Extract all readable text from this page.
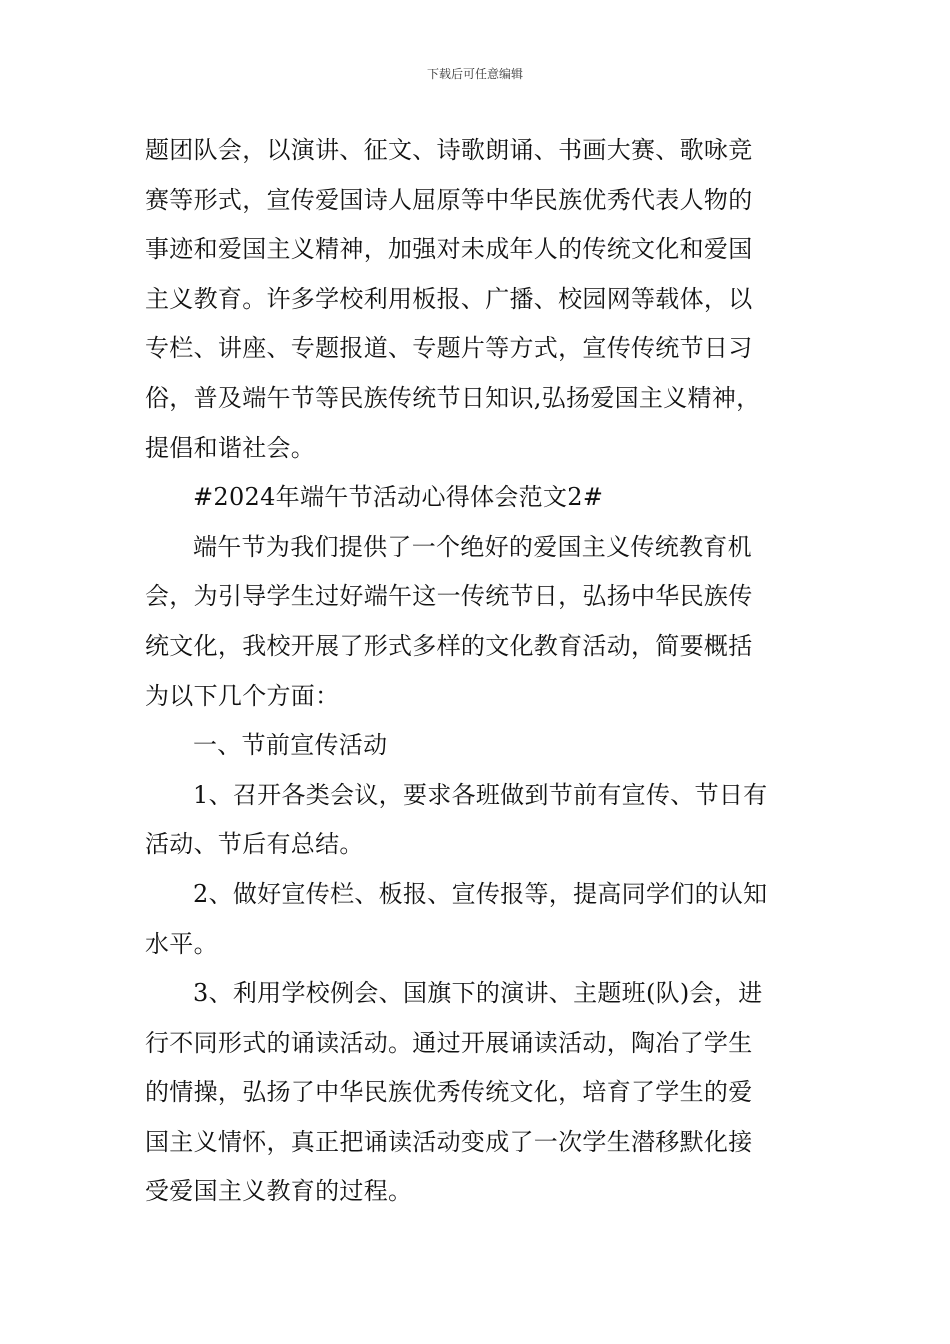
下载后可任意编辑
题团队会，以演讲、征文、诗歌朗诵、书画大赛、歌咏竞
赛等形式，宣传爱国诗人屈原等中华民族优秀代表人物的
事迹和爱国主义精神，加强对未成年人的传统文化和爱国
主义教育。许多学校利用板报、广播、校园网等载体，以
专栏、讲座、专题报道、专题片等方式，宣传传统节日习
俗，普及端午节等民族传统节日知识,弘扬爱国主义精神，
提倡和谐社会。
#2024年端午节活动心得体会范文2#
端午节为我们提供了一个绝好的爱国主义传统教育机
会，为引导学生过好端午这一传统节日，弘扬中华民族传
统文化，我校开展了形式多样的文化教育活动，简要概括
为以下几个方面：
一、节前宣传活动
1、召开各类会议，要求各班做到节前有宣传、节日有
活动、节后有总结。
2、做好宣传栏、板报、宣传报等，提高同学们的认知
水平。
3、利用学校例会、国旗下的演讲、主题班(队)会，进
行不同形式的诵读活动。通过开展诵读活动，陶冶了学生
的情操，弘扬了中华民族优秀传统文化，培育了学生的爱
国主义情怀，真正把诵读活动变成了一次学生潜移默化接
受爱国主义教育的过程。
